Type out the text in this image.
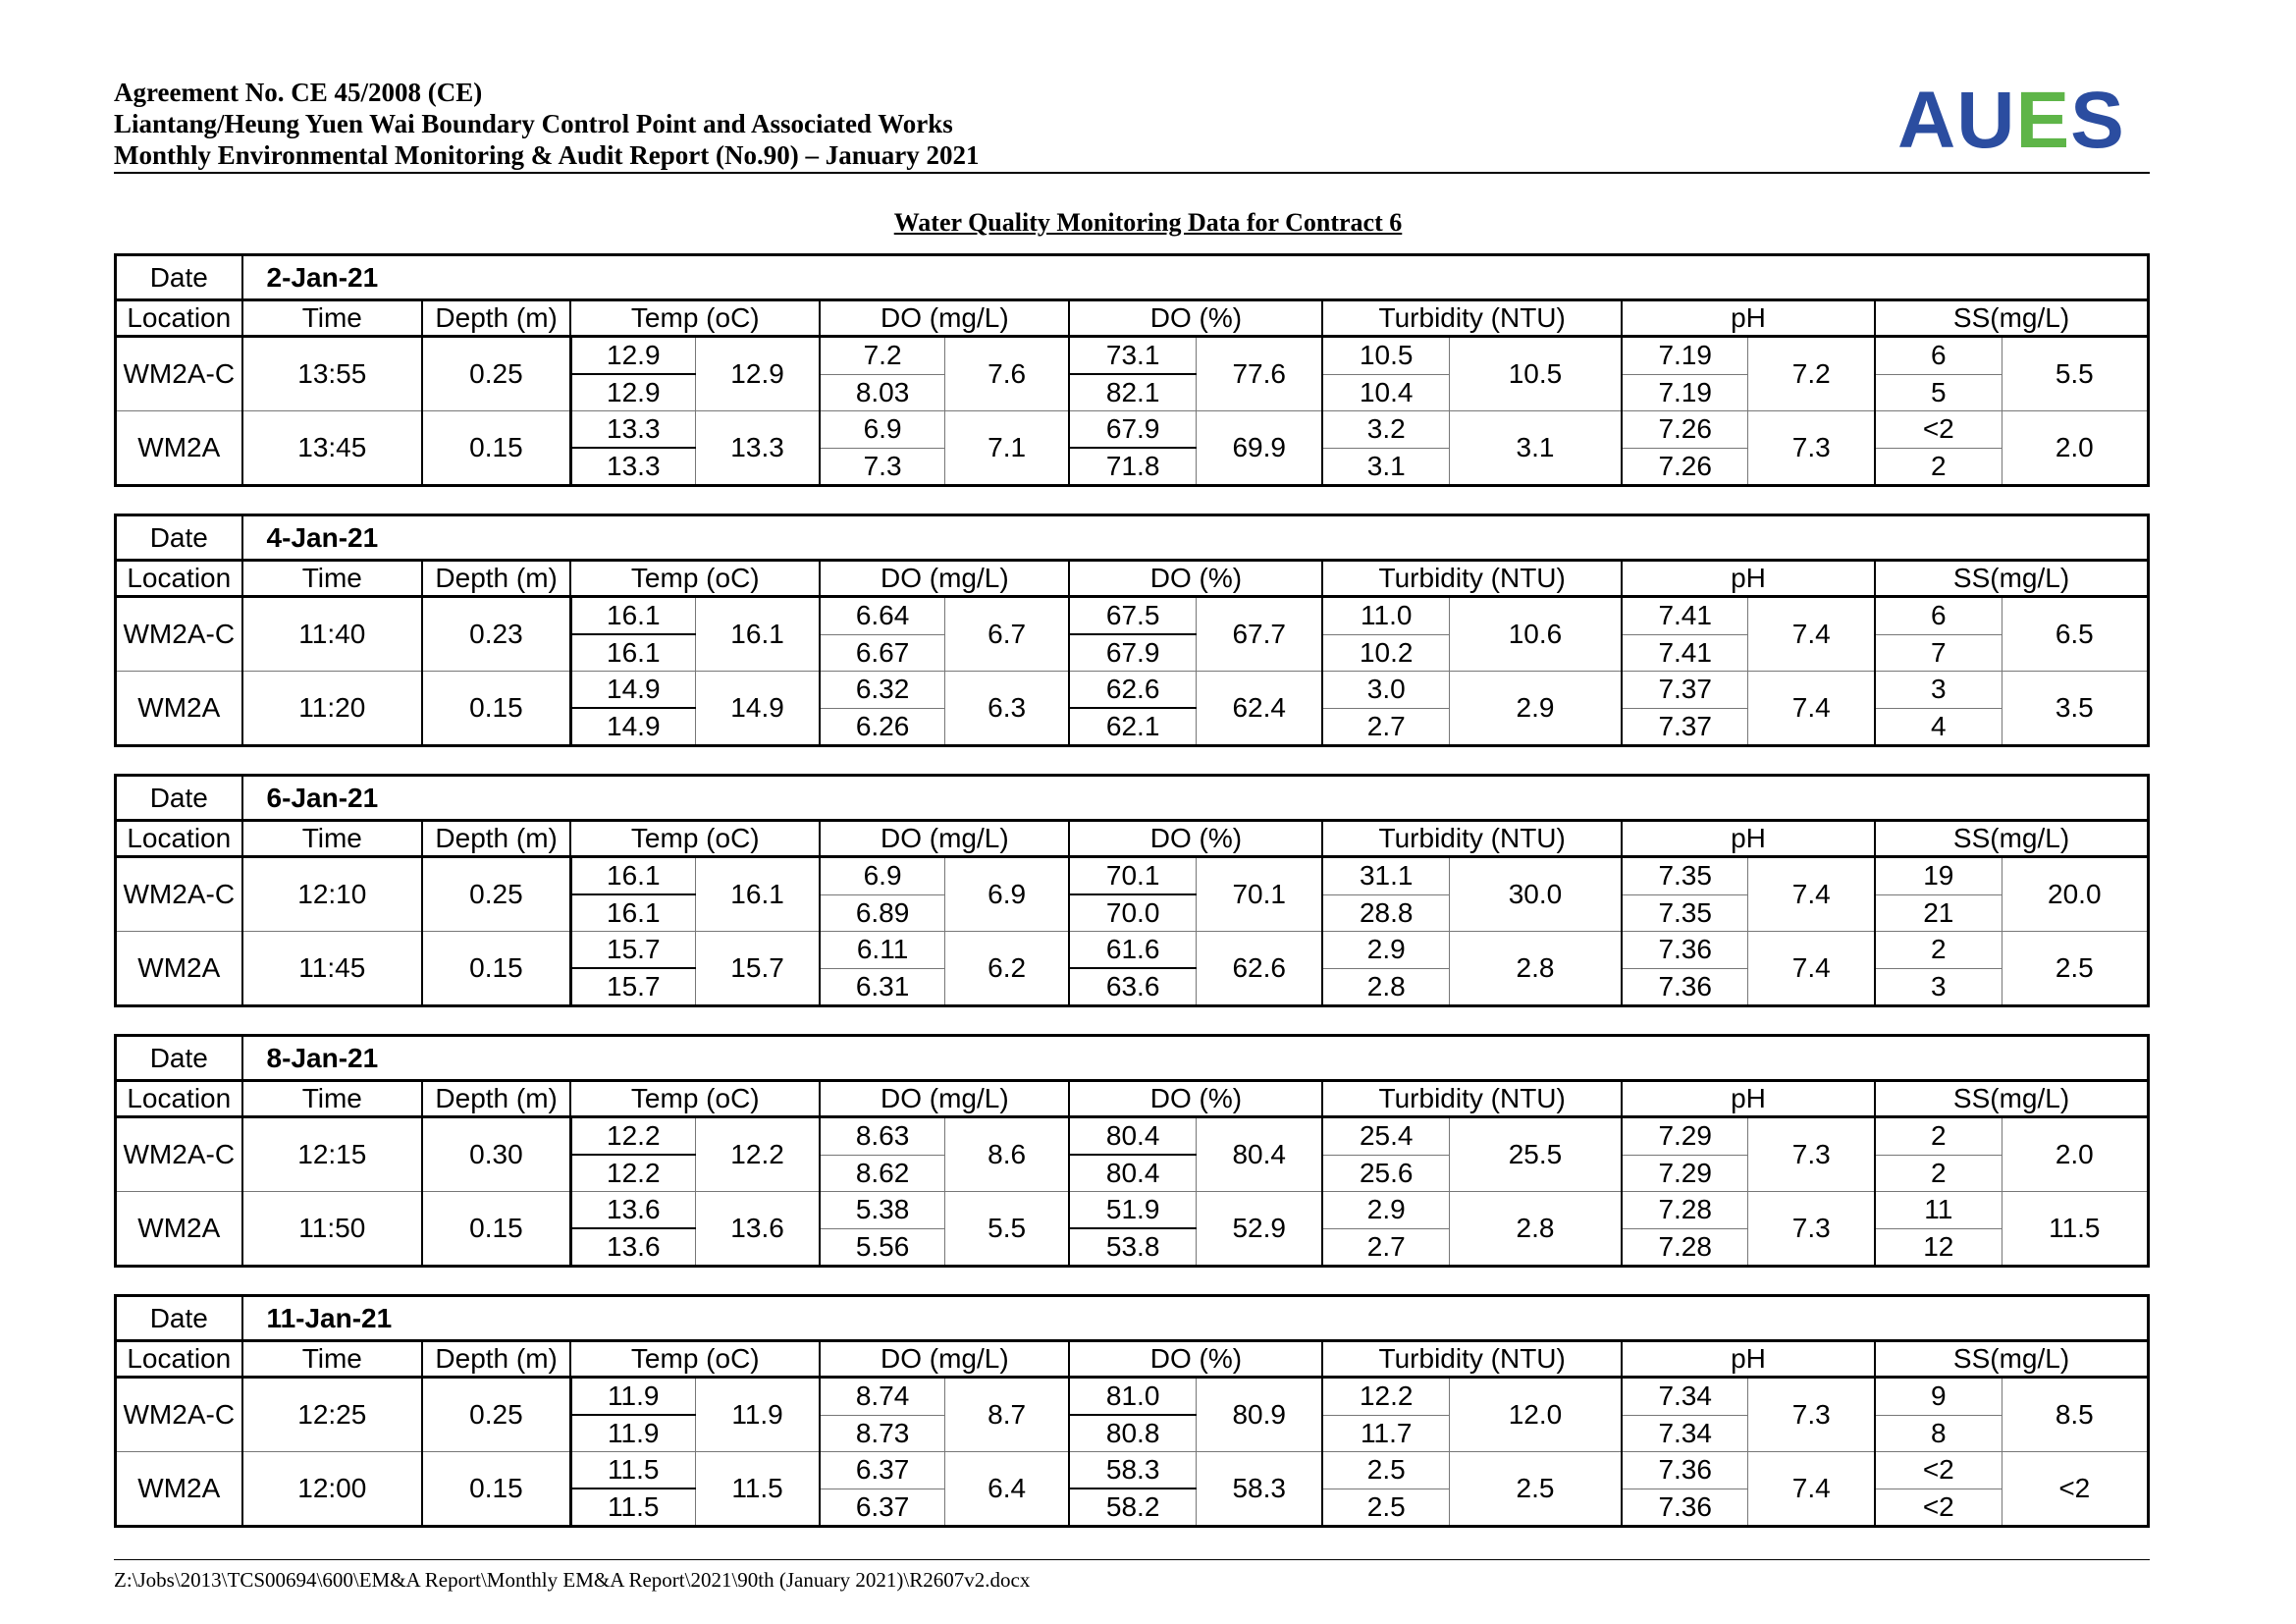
Agreement No. CE 45/2008 (CE)
Liantang/Heung Yuen Wai Boundary Control Point and Associated Works
Monthly Environmental Monitoring & Audit Report (No.90) – January 2021	AUES
Water Quality Monitoring Data for Contract 6
Date	2-Jan-21													
Location	Time	Depth (m)	Temp (oC)		DO (mg/L)		DO (%)		Turbidity (NTU)		pH		SS(mg/L)	
WM2A-C	13:55	0.25	12.9	12.9	7.2	7.6	73.1	77.6	10.5	10.5	7.19	7.2	6	5.5
			12.9		8.03		82.1		10.4		7.19		5	
WM2A	13:45	0.15	13.3	13.3	6.9	7.1	67.9	69.9	3.2	3.1	7.26	7.3	<2	2.0
			13.3		7.3		71.8		3.1		7.26		2	
Date	4-Jan-21													
Location	Time	Depth (m)	Temp (oC)		DO (mg/L)		DO (%)		Turbidity (NTU)		pH		SS(mg/L)	
WM2A-C	11:40	0.23	16.1	16.1	6.64	6.7	67.5	67.7	11.0	10.6	7.41	7.4	6	6.5
			16.1		6.67		67.9		10.2		7.41		7	
WM2A	11:20	0.15	14.9	14.9	6.32	6.3	62.6	62.4	3.0	2.9	7.37	7.4	3	3.5
			14.9		6.26		62.1		2.7		7.37		4	
Date	6-Jan-21													
Location	Time	Depth (m)	Temp (oC)		DO (mg/L)		DO (%)		Turbidity (NTU)		pH		SS(mg/L)	
WM2A-C	12:10	0.25	16.1	16.1	6.9	6.9	70.1	70.1	31.1	30.0	7.35	7.4	19	20.0
			16.1		6.89		70.0		28.8		7.35		21	
WM2A	11:45	0.15	15.7	15.7	6.11	6.2	61.6	62.6	2.9	2.8	7.36	7.4	2	2.5
			15.7		6.31		63.6		2.8		7.36		3	
Date	8-Jan-21													
Location	Time	Depth (m)	Temp (oC)		DO (mg/L)		DO (%)		Turbidity (NTU)		pH		SS(mg/L)	
WM2A-C	12:15	0.30	12.2	12.2	8.63	8.6	80.4	80.4	25.4	25.5	7.29	7.3	2	2.0
			12.2		8.62		80.4		25.6		7.29		2	
WM2A	11:50	0.15	13.6	13.6	5.38	5.5	51.9	52.9	2.9	2.8	7.28	7.3	11	11.5
			13.6		5.56		53.8		2.7		7.28		12	
Date	11-Jan-21													
Location	Time	Depth (m)	Temp (oC)		DO (mg/L)		DO (%)		Turbidity (NTU)		pH		SS(mg/L)	
WM2A-C	12:25	0.25	11.9	11.9	8.74	8.7	81.0	80.9	12.2	12.0	7.34	7.3	9	8.5
			11.9		8.73		80.8		11.7		7.34		8	
WM2A	12:00	0.15	11.5	11.5	6.37	6.4	58.3	58.3	2.5	2.5	7.36	7.4	<2	<2
			11.5		6.37		58.2		2.5		7.36		<2	
Z:\Jobs\2013\TCS00694\600\EM&A Report\Monthly EM&A Report\2021\90th (January 2021)\R2607v2.docx
